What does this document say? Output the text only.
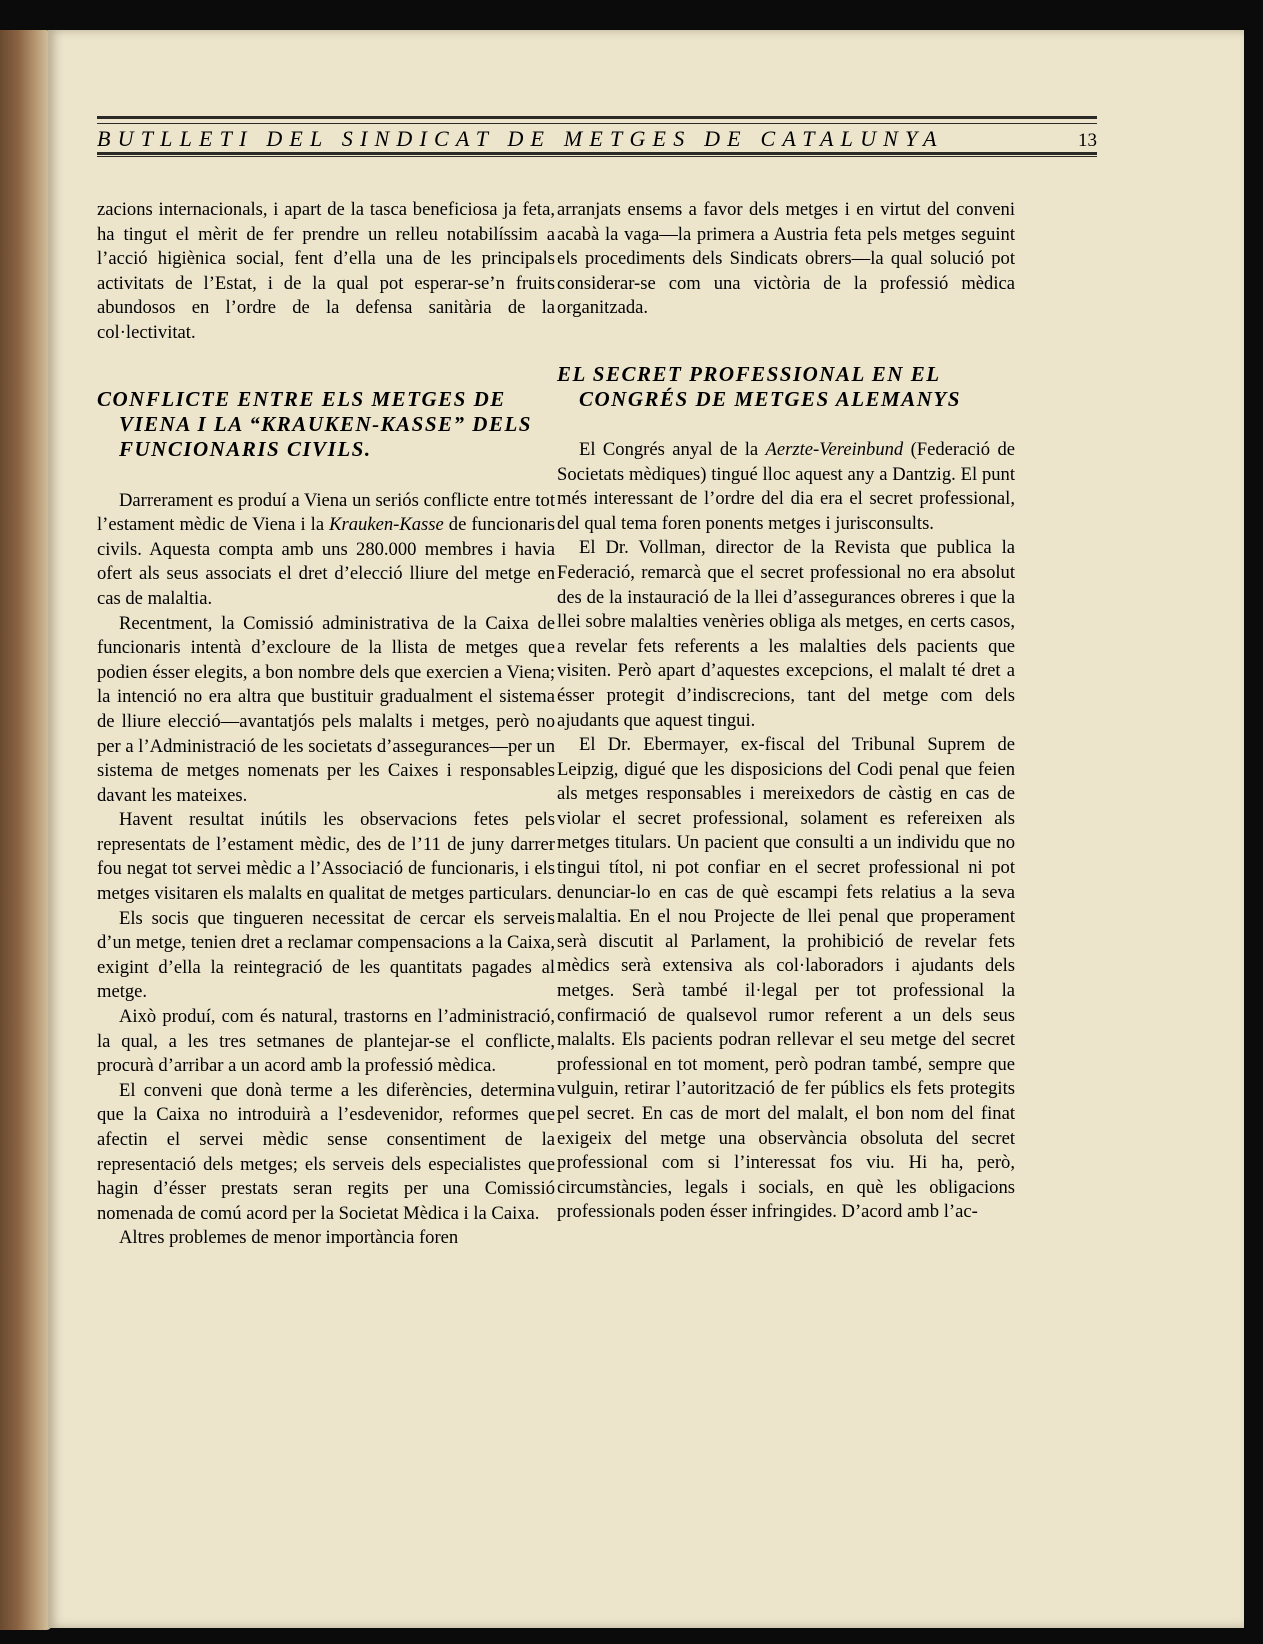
BUTLLETI DEL SINDICAT DE METGES DE CATALUNYA	13

zacions internacionals, i apart de la tasca beneficiosa ja feta, ha tingut el mèrit de fer prendre un relleu notabilíssim a l’acció higiènica social, fent d’ella una de les principals activitats de l’Estat, i de la qual pot esperar-se’n fruits abundosos en l’ordre de la defensa sanitària de la col·lectivitat.

CONFLICTE ENTRE ELS METGES DE
VIENA I LA “KRAUKEN-KASSE” DELS
FUNCIONARIS CIVILS.

Darrerament es produí a Viena un seriós conflicte entre tot l’estament mèdic de Viena i la Krauken-Kasse de funcionaris civils. Aquesta compta amb uns 280.000 membres i havia ofert als seus associats el dret d’elecció lliure del metge en cas de malaltia.

Recentment, la Comissió administrativa de la Caixa de funcionaris intentà d’excloure de la llista de metges que podien ésser elegits, a bon nombre dels que exercien a Viena; la intenció no era altra que bustituir gradualment el sistema de lliure elecció—avantatjós pels malalts i metges, però no per a l’Administració de les societats d’assegurances—per un sistema de metges nomenats per les Caixes i responsables davant les mateixes.

Havent resultat inútils les observacions fetes pels representats de l’estament mèdic, des de l’11 de juny darrer fou negat tot servei mèdic a l’Associació de funcionaris, i els metges visitaren els malalts en qualitat de metges particulars.

Els socis que tingueren necessitat de cercar els serveis d’un metge, tenien dret a reclamar compensacions a la Caixa, exigint d’ella la reintegració de les quantitats pagades al metge.

Això produí, com és natural, trastorns en l’administració, la qual, a les tres setmanes de plantejar-se el conflicte, procurà d’arribar a un acord amb la professió mèdica.

El conveni que donà terme a les diferències, determina que la Caixa no introduirà a l’esdevenidor, reformes que afectin el servei mèdic sense consentiment de la representació dels metges; els serveis dels especialistes que hagin d’ésser prestats seran regits per una Comissió nomenada de comú acord per la Societat Mèdica i la Caixa.

Altres problemes de menor importància foren

arranjats ensems a favor dels metges i en virtut del conveni acabà la vaga—la primera a Austria feta pels metges seguint els procediments dels Sindicats obrers—la qual solució pot considerar-se com una victòria de la professió mèdica organitzada.

EL SECRET PROFESSIONAL EN EL
CONGRÉS DE METGES ALEMANYS

El Congrés anyal de la Aerzte-Vereinbund (Federació de Societats mèdiques) tingué lloc aquest any a Dantzig. El punt més interessant de l’ordre del dia era el secret professional, del qual tema foren ponents metges i jurisconsults.

El Dr. Vollman, director de la Revista que publica la Federació, remarcà que el secret professional no era absolut des de la instauració de la llei d’assegurances obreres i que la llei sobre malalties venèries obliga als metges, en certs casos, a revelar fets referents a les malalties dels pacients que visiten. Però apart d’aquestes excepcions, el malalt té dret a ésser protegit d’indiscrecions, tant del metge com dels ajudants que aquest tingui.

El Dr. Ebermayer, ex-fiscal del Tribunal Suprem de Leipzig, digué que les disposicions del Codi penal que feien als metges responsables i mereixedors de càstig en cas de violar el secret professional, solament es refereixen als metges titulars. Un pacient que consulti a un individu que no tingui títol, ni pot confiar en el secret professional ni pot denunciar-lo en cas de què escampi fets relatius a la seva malaltia. En el nou Projecte de llei penal que properament serà discutit al Parlament, la prohibició de revelar fets mèdics serà extensiva als col·laboradors i ajudants dels metges. Serà també il·legal per tot professional la confirmació de qualsevol rumor referent a un dels seus malalts. Els pacients podran rellevar el seu metge del secret professional en tot moment, però podran també, sempre que vulguin, retirar l’autorització de fer públics els fets protegits pel secret. En cas de mort del malalt, el bon nom del finat exigeix del metge una observància obsoluta del secret professional com si l’interessat fos viu. Hi ha, però, circumstàncies, legals i socials, en què les obligacions professionals poden ésser infringides. D’acord amb l’ac-
